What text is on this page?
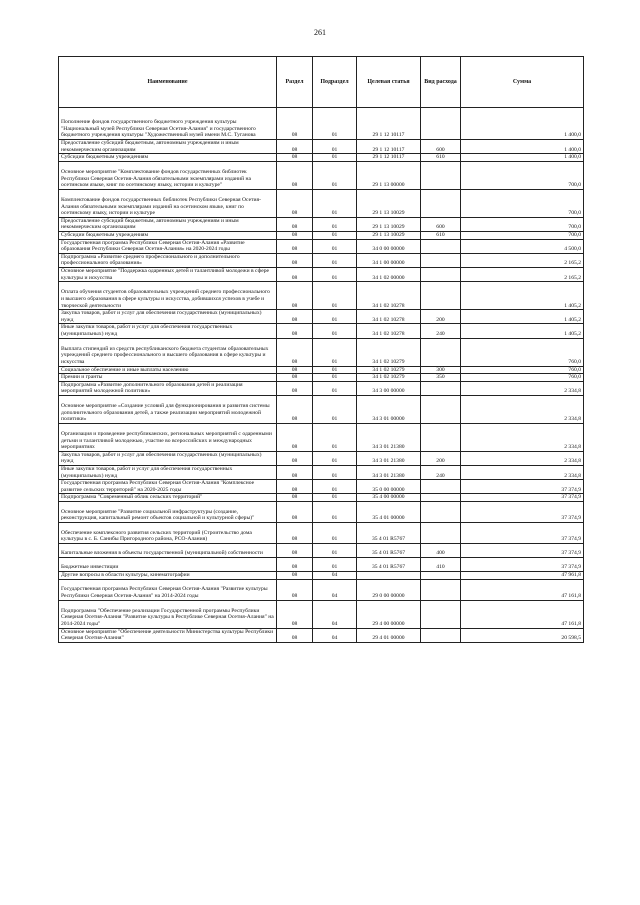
261
Наименование	Раздел	Подраздел	Целевая статья	Вид расхода	Сумма
Пополнение фондов государственного бюджетного учреждения культуры "Национальный музей Республики Северная Осетия-Алания" и государственного бюджетного учреждения культуры "Художественный музей имени М.С. Туганова	08	01	29 1 12 10117		1 400,0
Предоставление субсидий бюджетным, автономным учреждениям и иным некоммерческим организациям	08	01	29 1 12 10117	600	1 400,0
Субсидии бюджетным учреждениям	08	01	29 1 12 10117	610	1 400,0
Основное мероприятие "Комплектование фондов государственных библиотек Республики Северная Осетия-Алания обязательными экземплярами изданий на осетинском языке, книг по осетинскому языку, истории и культуре"	08	01	29 1 13 00000		700,0
Комплектование фондов государственных библиотек Республики Северная Осетия-Алания обязательными экземплярами изданий на осетинском языке, книг по осетинскому языку, истории и культуре	08	01	29 1 13 10029		700,0
Предоставление субсидий бюджетным, автономным учреждениям и иным некоммерческим организациям	08	01	29 1 13 10029	600	700,0
Субсидии бюджетным учреждениям	08	01	29 1 13 10029	610	700,0
Государственная программа Республики Северная Осетия-Алания «Развитие образования Республики Северная Осетия-Алания» на 2020-2024 годы	08	01	34 0 00 00000		4 500,0
Подпрограмма «Развитие среднего профессионального и дополнительного профессионального образования»	08	01	34 1 00 00000		2 165,2
Основное мероприятие "Поддержка одаренных детей и талантливой молодежи в сфере культуры и искусства	08	01	34 1 02 00000		2 165,2
Оплата обучения студентов образовательных учреждений среднего профессионального и высшего образования в сфере культуры и искусства, добившихся успехов в учебе и творческой деятельности	08	01	34 1 02 10278		1 405,2
Закупка товаров, работ и услуг для обеспечения государственных (муниципальных) нужд	08	01	34 1 02 10278	200	1 405,2
Иные закупки товаров, работ и услуг для обеспечения государственных (муниципальных) нужд	08	01	34 1 02 10278	240	1 405,2
Выплата стипендий из средств республиканского бюджета студентам образовательных учреждений среднего профессионального и высшего образования в сфере культуры и искусства	08	01	34 1 02 10279		760,0
Социальное обеспечение и иные выплаты населению	08	01	34 1 02 10279	300	760,0
Премии и гранты	08	01	34 1 02 10279	350	760,0
Подпрограмма «Развитие дополнительного образования детей и реализация мероприятий молодежной политики»	08	01	34 3 00 00000		2 334,8
Основное мероприятие «Создание условий для функционирования и развития системы дополнительного образования детей, а также реализации мероприятий молодежной политики»	08	01	34 3 01 00000		2 334,8
Организация и проведение республиканских, региональных мероприятий с одаренными детьми и талантливой молодежью, участие во всероссийских и международных мероприятиях	08	01	34 3 01 21380		2 334,8
Закупка товаров, работ и услуг для обеспечения государственных (муниципальных) нужд	08	01	34 3 01 21380	200	2 334,8
Иные закупки товаров, работ и услуг для обеспечения государственных (муниципальных) нужд	08	01	34 3 01 21380	240	2 334,8
Государственная программа Республики Северная Осетия-Алания "Комплексное развитие сельских территорий" на 2020-2025 годы	08	01	35 0 00 00000		37 374,9
Подпрограмма "Современный облик сельских территорий"	08	01	35 4 00 00000		37 374,9
Основное мероприятие "Развитие социальной инфраструктуры (создание, реконструкция, капитальный ремонт объектов социальной и культурной сферы)"	08	01	35 4 01 00000		37 374,9
Обеспечение комплексного развития сельских территорий (Строительство дома культуры в с. Б. Санибы Пригородного района, РСО-Алания)	08	01	35 4 01 R5767		37 374,9
Капитальные вложения в объекты государственной (муниципальной) собственности	08	01	35 4 01 R5767	400	37 374,9
Бюджетные инвестиции	08	01	35 4 01 R5767	410	37 374,9
Другие вопросы в области культуры, кинематографии	08	04			47 961,8
Государственная программа Республики Северная Осетия-Алания "Развитие культуры Республики Северная Осетия-Алания" на 2014-2024 годы	08	04	29 0 00 00000		47 161,8
Подпрограмма "Обеспечение реализации Государственной программы Республики Северная Осетия-Алания "Развитие культуры в Республике Северная Осетия-Алания" на 2014-2024 годы"	08	04	29 4 00 00000		47 161,8
Основное мероприятие "Обеспечение деятельности Министерства культуры Республики Северная Осетия-Алания"	08	04	29 4 01 00000		20 598,5
